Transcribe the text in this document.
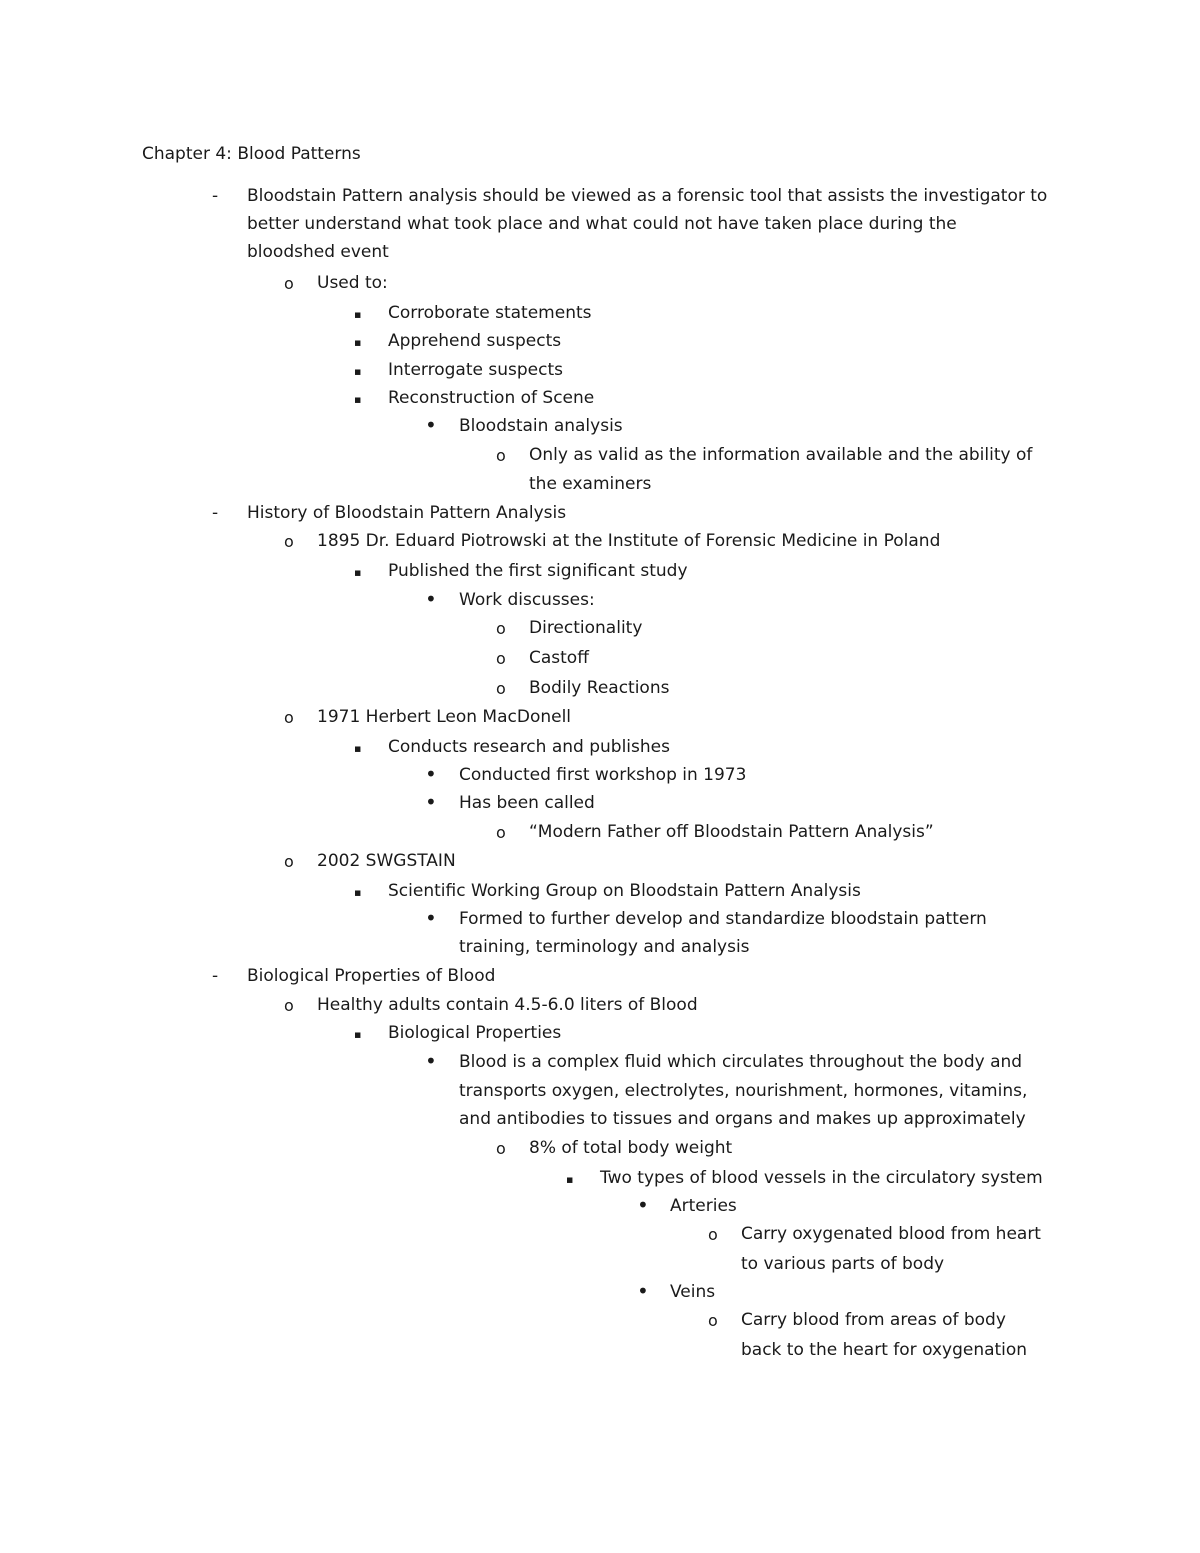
Chapter 4: Blood Patterns
- Bloodstain Pattern analysis should be viewed as a forensic tool that assists the investigator to
better understand what took place and what could not have taken place during the
bloodshed event
o Used to:
▪ Corroborate statements
▪ Apprehend suspects
▪ Interrogate suspects
▪ Reconstruction of Scene
• Bloodstain analysis
o Only as valid as the information available and the ability of
the examiners
- History of Bloodstain Pattern Analysis
o 1895 Dr. Eduard Piotrowski at the Institute of Forensic Medicine in Poland
▪ Published the first significant study
• Work discusses:
o Directionality
o Castoff
o Bodily Reactions
o 1971 Herbert Leon MacDonell
▪ Conducts research and publishes
• Conducted first workshop in 1973
• Has been called
o “Modern Father off Bloodstain Pattern Analysis”
o 2002 SWGSTAIN
▪ Scientific Working Group on Bloodstain Pattern Analysis
• Formed to further develop and standardize bloodstain pattern
training, terminology and analysis
- Biological Properties of Blood
o Healthy adults contain 4.5-6.0 liters of Blood
▪ Biological Properties
• Blood is a complex fluid which circulates throughout the body and
transports oxygen, electrolytes, nourishment, hormones, vitamins,
and antibodies to tissues and organs and makes up approximately
o 8% of total body weight
▪ Two types of blood vessels in the circulatory system
• Arteries
o Carry oxygenated blood from heart
to various parts of body
• Veins
o Carry blood from areas of body
back to the heart for oxygenation
